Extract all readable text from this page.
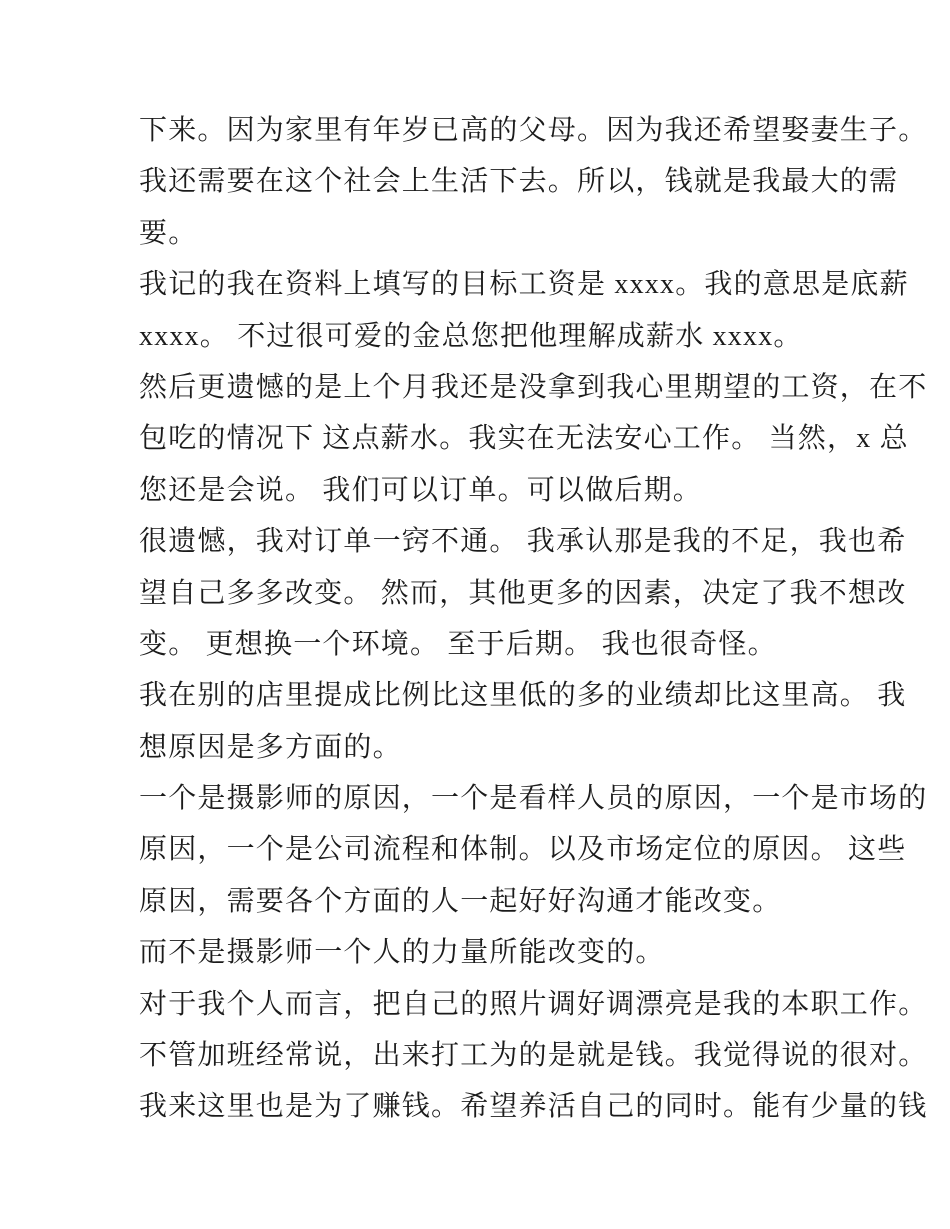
下来。因为家里有年岁已高的父母。因为我还希望娶妻生子。
我还需要在这个社会上生活下去。所以，钱就是我最大的需
要。
我记的我在资料上填写的目标工资是 xxxx。我的意思是底薪
xxxx。 不过很可爱的金总您把他理解成薪水 xxxx。
然后更遗憾的是上个月我还是没拿到我心里期望的工资，在不
包吃的情况下 这点薪水。我实在无法安心工作。 当然，x 总
您还是会说。 我们可以订单。可以做后期。
很遗憾，我对订单一窍不通。 我承认那是我的不足，我也希
望自己多多改变。 然而，其他更多的因素，决定了我不想改
变。 更想换一个环境。 至于后期。 我也很奇怪。
我在别的店里提成比例比这里低的多的业绩却比这里高。 我
想原因是多方面的。
一个是摄影师的原因，一个是看样人员的原因，一个是市场的
原因，一个是公司流程和体制。以及市场定位的原因。 这些
原因，需要各个方面的人一起好好沟通才能改变。
而不是摄影师一个人的力量所能改变的。
对于我个人而言，把自己的照片调好调漂亮是我的本职工作。
不管加班经常说，出来打工为的是就是钱。我觉得说的很对。
我来这里也是为了赚钱。希望养活自己的同时。能有少量的钱
